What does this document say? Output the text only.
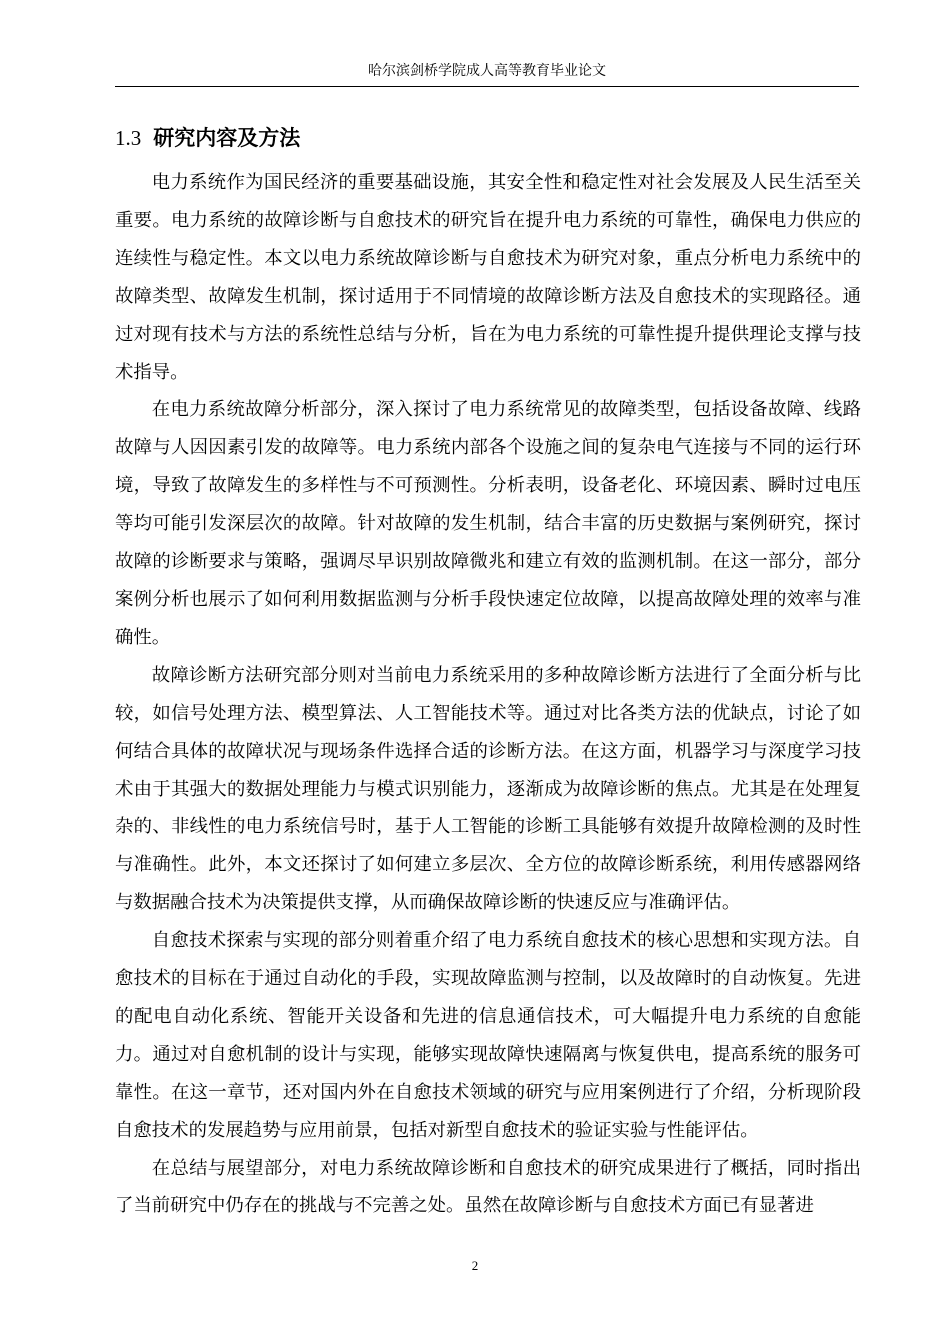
哈尔滨剑桥学院成人高等教育毕业论文
1.3 研究内容及方法

电力系统作为国民经济的重要基础设施，其安全性和稳定性对社会发展及人民生活至关重要。电力系统的故障诊断与自愈技术的研究旨在提升电力系统的可靠性，确保电力供应的连续性与稳定性。本文以电力系统故障诊断与自愈技术为研究对象，重点分析电力系统中的故障类型、故障发生机制，探讨适用于不同情境的故障诊断方法及自愈技术的实现路径。通过对现有技术与方法的系统性总结与分析，旨在为电力系统的可靠性提升提供理论支撑与技术指导。

在电力系统故障分析部分，深入探讨了电力系统常见的故障类型，包括设备故障、线路故障与人因因素引发的故障等。电力系统内部各个设施之间的复杂电气连接与不同的运行环境，导致了故障发生的多样性与不可预测性。分析表明，设备老化、环境因素、瞬时过电压等均可能引发深层次的故障。针对故障的发生机制，结合丰富的历史数据与案例研究，探讨故障的诊断要求与策略，强调尽早识别故障微兆和建立有效的监测机制。在这一部分，部分案例分析也展示了如何利用数据监测与分析手段快速定位故障，以提高故障处理的效率与准确性。

故障诊断方法研究部分则对当前电力系统采用的多种故障诊断方法进行了全面分析与比较，如信号处理方法、模型算法、人工智能技术等。通过对比各类方法的优缺点，讨论了如何结合具体的故障状况与现场条件选择合适的诊断方法。在这方面，机器学习与深度学习技术由于其强大的数据处理能力与模式识别能力，逐渐成为故障诊断的焦点。尤其是在处理复杂的、非线性的电力系统信号时，基于人工智能的诊断工具能够有效提升故障检测的及时性与准确性。此外，本文还探讨了如何建立多层次、全方位的故障诊断系统，利用传感器网络与数据融合技术为决策提供支撑，从而确保故障诊断的快速反应与准确评估。

自愈技术探索与实现的部分则着重介绍了电力系统自愈技术的核心思想和实现方法。自愈技术的目标在于通过自动化的手段，实现故障监测与控制，以及故障时的自动恢复。先进的配电自动化系统、智能开关设备和先进的信息通信技术，可大幅提升电力系统的自愈能力。通过对自愈机制的设计与实现，能够实现故障快速隔离与恢复供电，提高系统的服务可靠性。在这一章节，还对国内外在自愈技术领域的研究与应用案例进行了介绍，分析现阶段自愈技术的发展趋势与应用前景，包括对新型自愈技术的验证实验与性能评估。

在总结与展望部分，对电力系统故障诊断和自愈技术的研究成果进行了概括，同时指出了当前研究中仍存在的挑战与不完善之处。虽然在故障诊断与自愈技术方面已有显著进

2
